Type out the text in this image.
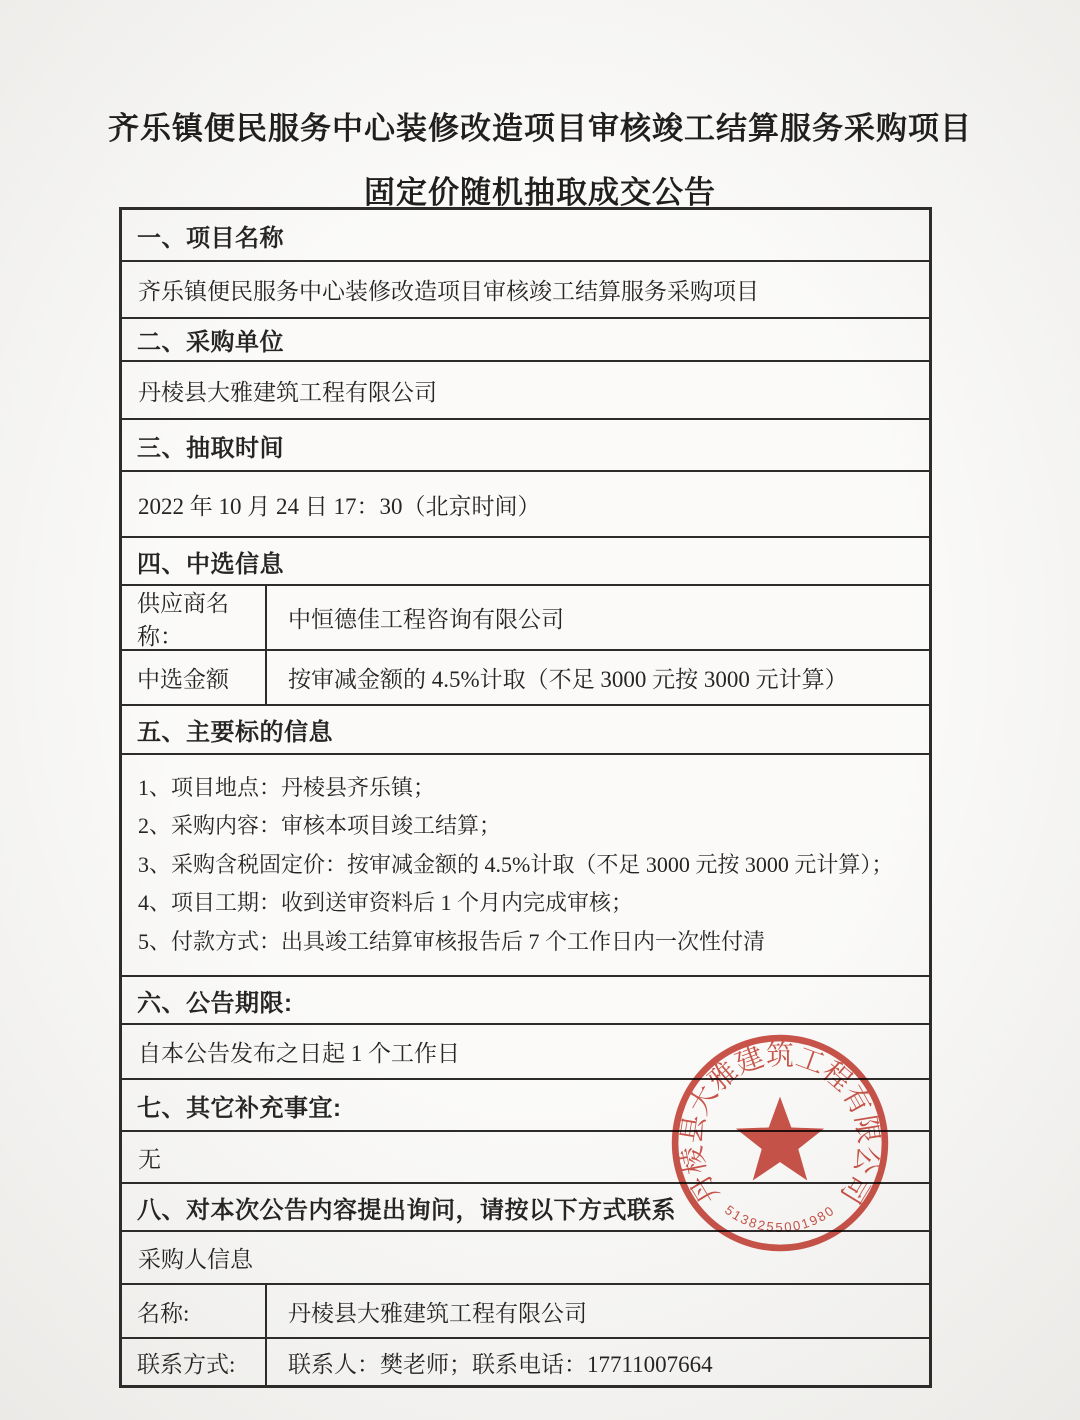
齐乐镇便民服务中心装修改造项目审核竣工结算服务采购项目
固定价随机抽取成交公告
一、项目名称
齐乐镇便民服务中心装修改造项目审核竣工结算服务采购项目
二、采购单位
丹棱县大雅建筑工程有限公司
三、抽取时间
2022 年 10 月 24 日 17：30（北京时间）
四、中选信息
供应商名称：
中恒德佳工程咨询有限公司
中选金额	按审减金额的 4.5%计取（不足 3000 元按 3000 元计算）
五、主要标的信息
1、项目地点：丹棱县齐乐镇；
2、采购内容：审核本项目竣工结算；
3、采购含税固定价：按审减金额的 4.5%计取（不足 3000 元按 3000 元计算）；
4、项目工期：收到送审资料后 1 个月内完成审核；
5、付款方式：出具竣工结算审核报告后 7 个工作日内一次性付清
六、公告期限:
自本公告发布之日起 1 个工作日
七、其它补充事宜:
无
八、对本次公告内容提出询问，请按以下方式联系
采购人信息
名称:	丹棱县大雅建筑工程有限公司
联系方式:	联系人：樊老师；联系电话：17711007664
丹棱县大雅建筑工程有限公司
5138255001980
